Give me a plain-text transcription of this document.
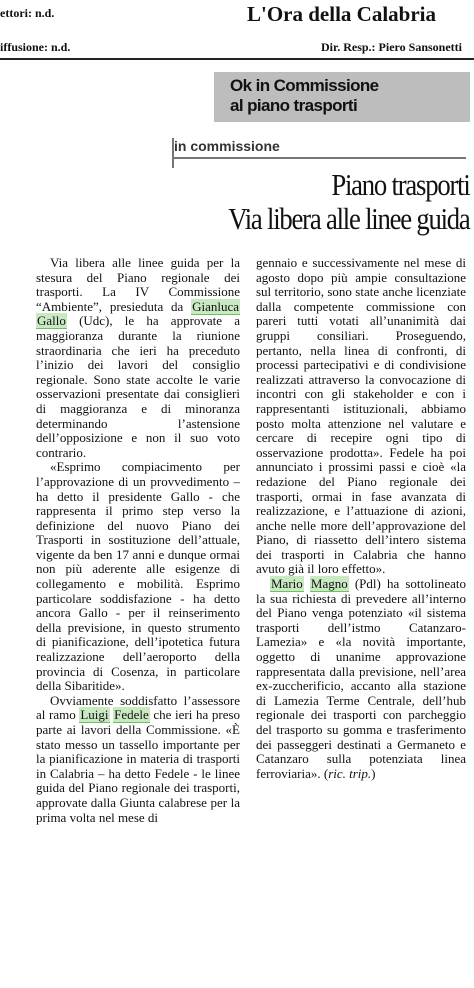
ettori: n.d.
iffusione: n.d.
L'Ora della Calabria
Dir. Resp.: Piero Sansonetti
Ok in Commissione
al piano trasporti
in commissione
Piano trasporti
Via libera alle linee guida

Via libera alle linee guida per la stesura del Piano regionale dei trasporti. La IV Commissione “Ambiente”, presieduta da Gianluca Gallo (Udc), le ha approvate a maggioranza durante la riunione straordinaria che ieri ha preceduto l’inizio dei lavori del consiglio regionale. Sono state accolte le varie osservazioni presentate dai consiglieri di maggioranza e di minoranza determinando l’astensione dell’opposizione e non il suo voto contrario.

«Esprimo compiacimento per l’approvazione di un provvedimento – ha detto il presidente Gallo - che rappresenta il primo step verso la definizione del nuovo Piano dei Trasporti in sostituzione dell’attuale, vigente da ben 17 anni e dunque ormai non più aderente alle esigenze di collegamento e mobilità. Esprimo particolare soddisfazione - ha detto ancora Gallo - per il reinserimento della previsione, in questo strumento di pianificazione, dell’ipotetica futura realizzazione dell’aeroporto della provincia di Cosenza, in particolare della Sibaritide».

Ovviamente soddisfatto l’assessore al ramo Luigi Fedele che ieri ha preso parte ai lavori della Commissione. «È stato messo un tassello importante per la pianificazione in materia di trasporti in Calabria – ha detto Fedele - le linee guida del Piano regionale dei trasporti, approvate dalla Giunta calabrese per la prima volta nel mese di

gennaio e successivamente nel mese di agosto dopo più ampie consultazione sul territorio, sono state anche licenziate dalla competente commissione con pareri tutti votati all’unanimità dai gruppi consiliari. Proseguendo, pertanto, nella linea di confronti, di processi partecipativi e di condivisione realizzati attraverso la convocazione di incontri con gli stakeholder e con i rappresentanti istituzionali, abbiamo posto molta attenzione nel valutare e cercare di recepire ogni tipo di osservazione prodotta». Fedele ha poi annunciato i prossimi passi e cioè «la redazione del Piano regionale dei trasporti, ormai in fase avanzata di realizzazione, e l’attuazione di azioni, anche nelle more dell’approvazione del Piano, di riassetto dell’intero sistema dei trasporti in Calabria che hanno avuto già il loro effetto».

Mario Magno (Pdl) ha sottolineato la sua richiesta di prevedere all’interno del Piano venga potenziato «il sistema trasporti dell’istmo Catanzaro-Lamezia» e «la novità importante, oggetto di unanime approvazione rappresentata dalla previsione, nell’area ex-zuccherificio, accanto alla stazione di Lamezia Terme Centrale, dell’hub regionale dei trasporti con parcheggio del trasporto su gomma e trasferimento dei passeggeri destinati a Germaneto e Catanzaro sulla potenziata linea ferroviaria». (ric. trip.)
